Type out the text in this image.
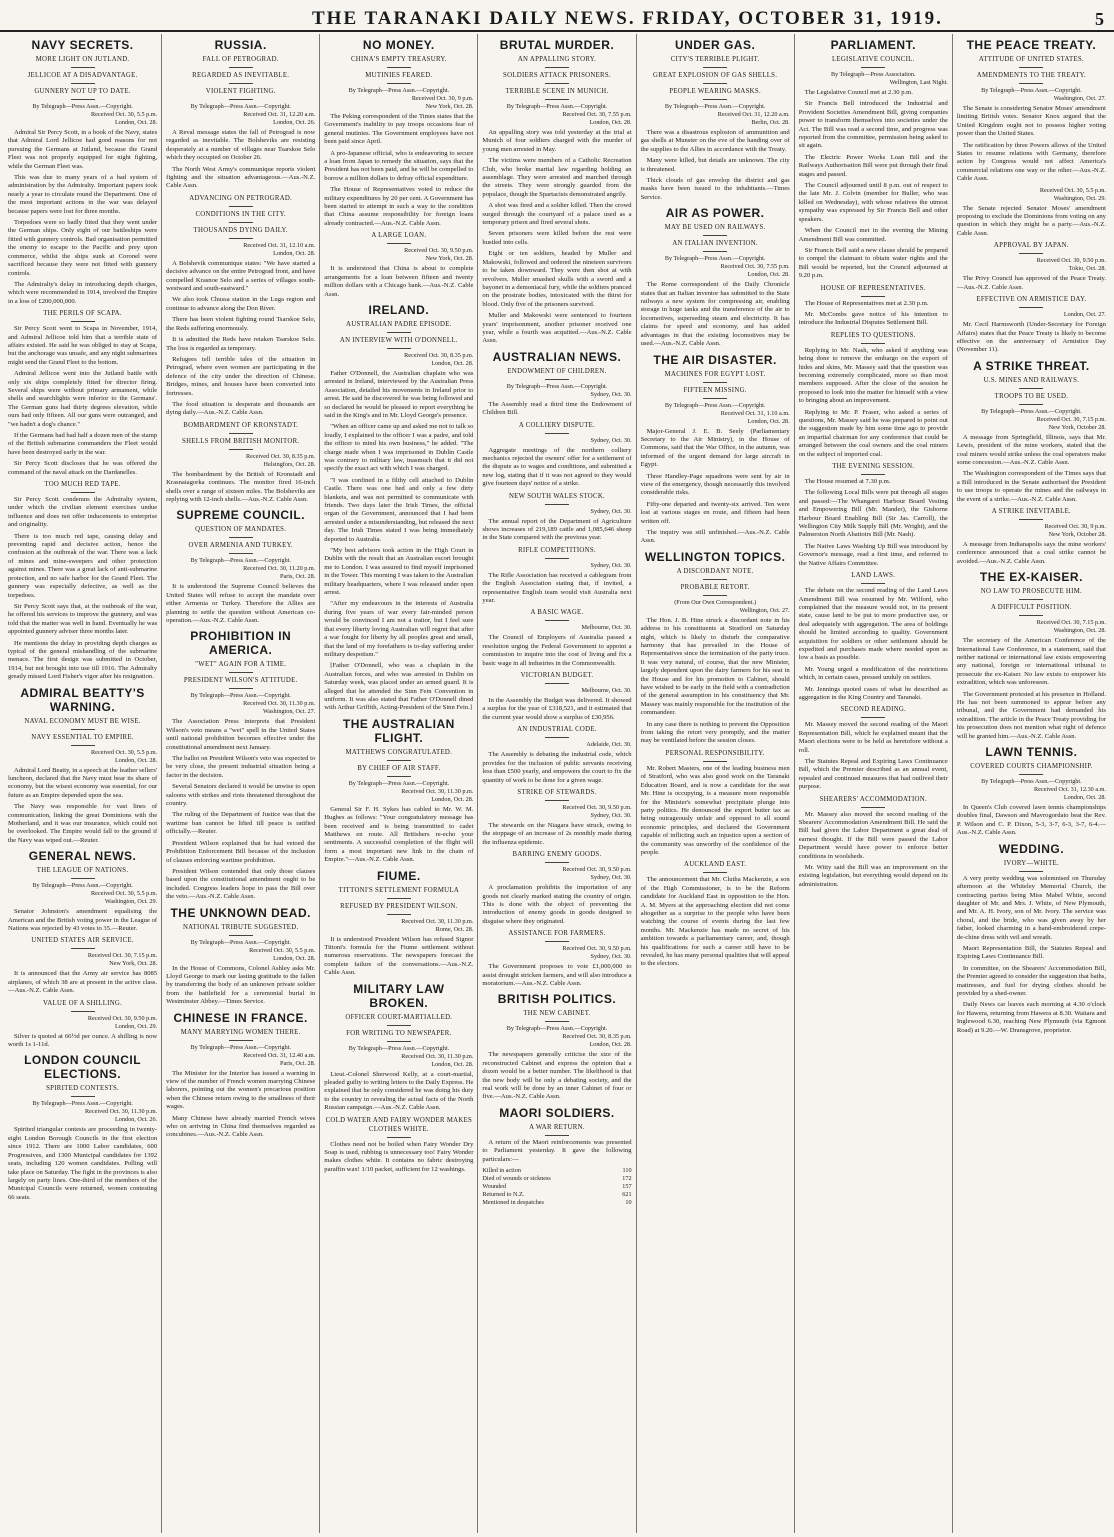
THE TARANAKI DAILY NEWS. FRIDAY, OCTOBER 31, 1919.	5
NAVY SECRETS.
MORE LIGHT ON JUTLAND.
JELLICOE AT A DISADVANTAGE.
GUNNERY NOT UP TO DATE.
By Telegraph—Press Assn.—Copyright.
Received Oct. 30, 5.5 p.m.
London, Oct. 28.

Admiral Sir Percy Scott, in a book of the Navy, states that Admiral Lord Jellicoe had good reasons for not pursuing the Germans at Jutland, because the Grand Fleet was not properly equipped for night fighting, while the German Fleet was.

This was due to many years of a bad system of administration by the Admiralty. Important papers took nearly a year to circulate round the Department. One of the most important actions in the war was delayed because papers were lost for three months.

Torpedoes were so badly fitted that they went under the German ships. Only eight of our battleships were fitted with gunnery controls. Bad organisation permitted the enemy to escape to the Pacific and prey upon commerce, whilst the ships sunk at Coronel were sacrificed because they were not fitted with gunnery controls.

The Admiralty's delay in introducing depth charges, which were recommended in 1914, involved the Empire in a loss of £200,000,000.

THE PERILS OF SCAPA.

Sir Percy Scott went to Scapa in November, 1914, and Admiral Jellicoe told him that a terrible state of affairs existed. He said he was obliged to stay at Scapa, but the anchorage was unsafe, and any night submarines might send the Grand Fleet to the bottom.

Admiral Jellicoe went into the Jutland battle with only six ships completely fitted for director firing. Several ships were without primary armament, while shells and searchlights were inferior to the Germans'. The German guns had thirty degrees elevation, while ours had only fifteen. All our guns were outranged, and "we hadn't a dog's chance."

If the Germans had had half a dozen men of the stamp of the British submarine commanders the Fleet would have been destroyed early in the war.

Sir Percy Scott discloses that he was offered the command of the naval attack on the Dardanelles.

TOO MUCH RED TAPE.

Sir Percy Scott condemns the Admiralty system, under which the civilian element exercises undue influence and does not offer inducements to enterprise and originality.

There is too much red tape, causing delay and preventing rapid and decisive action, hence the confusion at the outbreak of the war. There was a lack of mines and mine-sweepers and other protection against mines. There was a great lack of anti-submarine protection, and no safe harbor for the Grand Fleet. The gunnery was especially defective, as well as the torpedoes.

Sir Percy Scott says that, at the outbreak of the war, he offered his services to improve the gunnery, and was told that the matter was well in hand. Eventually he was appointed gunnery adviser three months later.

He mentions the delay in providing depth charges as typical of the general mishandling of the submarine menace. The first design was submitted in October, 1914, but not brought into use till 1916. The Admiralty greatly missed Lord Fisher's vigor after his resignation.

ADMIRAL BEATTY'S WARNING.
NAVAL ECONOMY MUST BE WISE.
NAVY ESSENTIAL TO EMPIRE.
Received Oct. 30, 5.5 p.m.
London, Oct. 28.

Admiral Lord Beatty, in a speech at the leather sellers' luncheon, declared that the Navy must bear its share of economy, but the wisest economy was essential, for our future as an Empire depended upon the sea.

The Navy was responsible for vast lines of communication, linking the great Dominions with the Motherland, and it was our insurance, which could not be overlooked. The Empire would fall to the ground if the Navy was wiped out.—Reuter.

GENERAL NEWS.
THE LEAGUE OF NATIONS.
By Telegraph—Press Assn.—Copyright.
Received Oct. 30, 5.5 p.m.
Washington, Oct. 29.

Senator Johnston's amendment equalising the American and the British voting power in the League of Nations was rejected by 43 votes to 35.—Reuter.

UNITED STATES AIR SERVICE.
Received Oct. 30, 7.15 p.m.
New York, Oct. 28.

It is announced that the Army air service has 8085 airplanes, of which 38 are at present in the active class.—Aus.-N.Z. Cable Assn.

VALUE OF A SHILLING.
Received Oct. 30, 9.50 p.m.
London, Oct. 29.

Silver is quoted at 66½d per ounce. A shilling is now worth 1s 1-11d.

LONDON COUNCIL ELECTIONS.
SPIRITED CONTESTS.
By Telegraph—Press Assn.—Copyright.
Received Oct. 30, 11.30 p.m.
London, Oct. 26.

Spirited triangular contests are proceeding in twenty-eight London Borough Councils in the first election since 1912. There are 1000 Labor candidates, 600 Progressives, and 1300 Municipal candidates for 1392 seats, including 120 women candidates. Polling will take place on Saturday. The fight in the provinces is also largely on party lines. One-third of the members of the Municipal Councils were returned, women contesting 66 seats.

RUSSIA.
FALL OF PETROGRAD.
REGARDED AS INEVITABLE.
VIOLENT FIGHTING.
By Telegraph—Press Assn.—Copyright.
Received Oct. 31, 12.20 a.m.
London, Oct. 26.

A Reval message states the fall of Petrograd is now regarded as inevitable. The Bolsheviks are resisting desperately at a number of villages near Tsarskoe Selo which they occupied on October 26.

The North West Army's communique reports violent fighting and the situation advantageous.—Aus.-N.Z. Cable Assn.

ADVANCING ON PETROGRAD.
CONDITIONS IN THE CITY.
THOUSANDS DYING DAILY.
Received Oct. 31, 12.10 a.m.
London, Oct. 28.

A Bolshevik communique states: "We have started a decisive advance on the entire Petrograd front, and have compelled Krasnoe Selo and a series of villages south-westward and south-eastward."

We also took Chussa station in the Luga region and continue to advance along the Don River.

There has been violent fighting round Tsarskoe Selo, the Reds suffering enormously.

It is admitted the Reds have retaken Tsarskoe Selo. The loss is regarded as temporary.

Refugees tell terrible tales of the situation in Petrograd, where even women are participating in the defence of the city under the direction of Chinese. Bridges, mines, and houses have been converted into fortresses.

The food situation is desperate and thousands are dying daily.—Aus.-N.Z. Cable Assn.

BOMBARDMENT OF KRONSTADT.
SHELLS FROM BRITISH MONITOR.
Received Oct. 30, 8.35 p.m.
Helsingfors, Oct. 28.

The bombardment by the British of Kronstadt and Krasnaiagorka continues. The monitor fired 16-inch shells over a range of sixteen miles. The Bolsheviks are replying with 12-inch shells.—Aus.-N.Z. Cable Assn.

SUPREME COUNCIL.
QUESTION OF MANDATES.
OVER ARMENIA AND TURKEY.
By Telegraph—Press Assn.—Copyright.
Received Oct. 30, 11.20 p.m.
Paris, Oct. 28.

It is understood the Supreme Council believes the United States will refuse to accept the mandate over either Armenia or Turkey. Therefore the Allies are planning to settle the question without American co-operation.—Aus.-N.Z. Cable Assn.

PROHIBITION IN AMERICA.
"WET" AGAIN FOR A TIME.
PRESIDENT WILSON'S ATTITUDE.
By Telegraph—Press Assn.—Copyright.
Received Oct. 30, 11.30 p.m.
Washington, Oct. 27.

The Association Press interprets that President Wilson's veto means a "wet" spell in the United States until national prohibition becomes effective under the constitutional amendment next January.

The ballot on President Wilson's veto was expected to be very close, the present industrial situation being a factor in the decision.

Several Senators declared it would be unwise to open saloons with strikes and riots threatened throughout the country.

The ruling of the Department of Justice was that the wartime ban cannot be lifted till peace is ratified officially.—Reuter.

President Wilson explained that he had vetoed the Prohibition Enforcement Bill because of the inclusion of clauses enforcing wartime prohibition.

President Wilson contended that only those clauses based upon the constitutional amendment ought to be included. Congress leaders hope to pass the Bill over the veto.—Aus.-N.Z. Cable Assn.

THE UNKNOWN DEAD.
NATIONAL TRIBUTE SUGGESTED.
By Telegraph—Press Assn.—Copyright.
Received Oct. 30, 5.5 p.m.
London, Oct. 28.

In the House of Commons, Colonel Ashley asks Mr. Lloyd George to mark our lasting gratitude to the fallen by transferring the body of an unknown private soldier from the battlefield for a ceremonial burial in Westminster Abbey.—Times Service.

CHINESE IN FRANCE.
MANY MARRYING WOMEN THERE.
By Telegraph—Press Assn.—Copyright.
Received Oct. 31, 12.40 a.m.
Paris, Oct. 28.

The Minister for the Interior has issued a warning in view of the number of French women marrying Chinese laborers, pointing out the women's precarious position when the Chinese return owing to the smallness of their wages.

Many Chinese have already married French wives who on arriving in China find themselves regarded as concubines.—Aus.-N.Z. Cable Assn.

NO MONEY.
CHINA'S EMPTY TREASURY.
MUTINIES FEARED.
By Telegraph—Press Assn.—Copyright.
Received Oct. 30, 9 p.m.
New York, Oct. 28.

The Peking correspondent of the Times states that the Government's inability to pay troops occasions fear of general mutinies. The Government employees have not been paid since April.

A pro-Japanese official, who is endeavoring to secure a loan from Japan to remedy the situation, says that the President has not been paid, and he will be compelled to borrow a million dollars to defray official expenditure.

The House of Representatives voted to reduce the military expenditures by 20 per cent. A Government has been started to attempt in such a way to the condition that China assume responsibility for foreign loans already contracted.—Aus.-N.Z. Cable Assn.

A LARGE LOAN.
Received Oct. 30, 9.50 p.m.
New York, Oct. 28.

It is understood that China is about to complete arrangements for a loan between fifteen and twenty million dollars with a Chicago bank.—Aus.-N.Z. Cable Assn.

IRELAND.
AUSTRALIAN PADRE EPISODE.
AN INTERVIEW WITH O'DONNELL.
Received Oct. 30, 8.35 p.m.
London, Oct. 28.

Father O'Donnell, the Australian chaplain who was arrested in Ireland, interviewed by the Australian Press Association, detailed his movements in Ireland prior to arrest. He said he discovered he was being followed and so declared he would be pleased to report everything he said in the King's and in Mr. Lloyd George's presence.

"When an officer came up and asked me not to talk so loudly, I explained to the officer I was a padre, and told the officer to mind his own business," he added. "The charge made when I was imprisoned in Dublin Castle was contrary to military law, inasmuch that it did not specify the exact act with which I was charged.

"I was confined in a filthy cell attached to Dublin Castle. There was one bed and only a few dirty blankets, and was not permitted to communicate with friends. Two days later the Irish Times, the official organ of the Government, announced that I had been arrested under a misunderstanding, but released the next day. The Irish Times stated I was being immediately deported to Australia.

"My best advisors took action in the High Court in Dublin with the result that an Australian escort brought me to London. I was assured to find myself imprisoned in the Tower. This morning I was taken to the Australian military headquarters, where I was released under open arrest.

"After my endeavours in the interests of Australia during five years of war every fair-minded person would be convinced I am not a traitor, but I feel sure that every liberty loving Australian will regret that after a war fought for liberty by all peoples great and small, that the land of my forefathers is to-day suffering under military despotism."

[Father O'Donnell, who was a chaplain in the Australian forces, and who was arrested in Dublin on Saturday week, was placed under an armed guard. It is alleged that he attended the Sinn Fein Convention in uniform. It was also stated that Father O'Donnell dined with Arthur Griffith, Acting-President of the Sinn Fein.]

THE AUSTRALIAN FLIGHT.
MATTHEWS CONGRATULATED.
BY CHIEF OF AIR STAFF.
By Telegraph—Press Assn.—Copyright.
Received Oct. 30, 11.30 p.m.
London, Oct. 28.

General Sir F. H. Sykes has cabled to Mr. W. M. Hughes as follows: "Your congratulatory message has been received and is being transmitted to cadet Matthews en route. All Britishers re-echo your sentiments. A successful completion of the flight will form a most important new link in the chain of Empire."—Aus.-N.Z. Cable Assn.

FIUME.
TITTONI'S SETTLEMENT FORMULA
REFUSED BY PRESIDENT WILSON.
Received Oct. 30, 11.30 p.m.
Rome, Oct. 28.

It is understood President Wilson has refused Signor Tittoni's formula for the Fiume settlement without numerous reservations. The newspapers forecast the complete failure of the conversations.—Aus.-N.Z. Cable Assn.

MILITARY LAW BROKEN.
OFFICER COURT-MARTIALLED.
FOR WRITING TO NEWSPAPER.
By Telegraph—Press Assn.—Copyright.
Received Oct. 30, 11.30 p.m.
London, Oct. 28.

Lieut.-Colonel Sherwood Kelly, at a court-martial, pleaded guilty to writing letters to the Daily Express. He explained that he only considered he was doing his duty to the country in revealing the actual facts of the North Russian campaign.—Aus.-N.Z. Cable Assn.

COLD WATER AND FAIRY WONDER MAKES CLOTHES WHITE.

Clothes need not be boiled when Fairy Wonder Dry Soap is used, rubbing is unnecessary too! Fairy Wonder makes clothes white. It contains no fabric destroying paraffin wax! 1/10 packet, sufficient for 12 washings.

BRUTAL MURDER.
AN APPALLING STORY.
SOLDIERS ATTACK PRISONERS.
TERRIBLE SCENE IN MUNICH.
By Telegraph—Press Assn.—Copyright.
Received Oct. 30, 7.55 p.m.
London, Oct. 28.

An appalling story was told yesterday at the trial at Munich of four soldiers charged with the murder of young men arrested in May.

The victims were members of a Catholic Recreation Club, who broke martial law regarding holding an assemblage. They were arrested and marched through the streets. They were strongly guarded from the populace, though the Spartacists demonstrated angrily.

A shot was fired and a soldier killed. Then the crowd surged through the courtyard of a palace used as a temporary prison and fired several shots.

Seven prisoners were killed before the rest were hustled into cells.

Eight or ten soldiers, headed by Muller and Makowski, followed and ordered the nineteen survivors to be taken downward. They were then shot at with revolvers. Muller smashed skulls with a sword and a bayonet in a demoniacal fury, while the soldiers pranced on the prostrate bodies, intoxicated with the thirst for blood. Only five of the prisoners survived.

Muller and Makowski were sentenced to fourteen years' imprisonment, another prisoner received one year, while a fourth was acquitted.—Aus.-N.Z. Cable Assn.

AUSTRALIAN NEWS.
ENDOWMENT OF CHILDREN.
By Telegraph—Press Assn.—Copyright.
Sydney, Oct. 30.

The Assembly read a third time the Endowment of Children Bill.

A COLLIERY DISPUTE.
Sydney, Oct. 30.

Aggregate meetings of the northern colliery mechanics rejected the owners' offer for a settlement of the dispute as to wages and conditions, and submitted a new log, stating that if it was not agreed to they would give fourteen days' notice of a strike.

NEW SOUTH WALES STOCK.
Sydney, Oct. 30.

The annual report of the Department of Agriculture shows increases of 219,189 cattle and 1,085,646 sheep in the State compared with the previous year.

RIFLE COMPETITIONS.
Sydney, Oct. 30.

The Rifle Association has received a cablegram from the English Association stating that, if invited, a representative English team would visit Australia next year.

A BASIC WAGE.
Melbourne, Oct. 30.

The Council of Employers of Australia passed a resolution urging the Federal Government to appoint a commission to inquire into the cost of living and fix a basic wage in all industries in the Commonwealth.

VICTORIAN BUDGET.
Melbourne, Oct. 30.

In the Assembly the Budget was delivered. It showed a surplus for the year of £318,521, and it estimated that the current year would show a surplus of £30,956.

AN INDUSTRIAL CODE.
Adelaide, Oct. 30.

The Assembly is debating the industrial code, which provides for the inclusion of public servants receiving less than £500 yearly, and empowers the court to fix the quantity of work to be done for a given wage.

STRIKE OF STEWARDS.
Received Oct. 30, 9.50 p.m.
Sydney, Oct. 30.

The stewards on the Niagara have struck, owing to the stoppage of an increase of 2s monthly made during the influenza epidemic.

BARRING ENEMY GOODS.
Received Oct. 30, 9.50 p.m.
Sydney, Oct. 30.

A proclamation prohibits the importation of any goods not clearly marked stating the country of origin. This is done with the object of preventing the introduction of enemy goods in goods designed to disguise where they originated.

ASSISTANCE FOR FARMERS.
Received Oct. 30, 9.50 p.m.
Sydney, Oct. 30.

The Government proposes to vote £1,000,000 to assist drought stricken farmers, and will also introduce a moratorium.—Aus.-N.Z. Cable Assn.

BRITISH POLITICS.
THE NEW CABINET.
By Telegraph—Press Assn.—Copyright.
Received Oct. 30, 8.35 p.m.
London, Oct. 28.

The newspapers generally criticise the size of the reconstructed Cabinet and express the opinion that a dozen would be a better number. The likelihood is that the new body will be only a debating society, and the real work will be done by an inner Cabinet of four or five.—Aus.-N.Z. Cable Assn.

MAORI SOLDIERS.
A WAR RETURN.

A return of the Maori reinforcements was presented to Parliament yesterday. It gave the following particulars:—

Killed in action	110
Died of wounds or sickness	172
Wounded	157
Returned to N.Z.	621
Mentioned in despatches	10
UNDER GAS.
CITY'S TERRIBLE PLIGHT.
GREAT EXPLOSION OF GAS SHELLS.
PEOPLE WEARING MASKS.
By Telegraph—Press Assn.—Copyright.
Received Oct. 31, 12.20 a.m.
Berlin, Oct. 28.

There was a disastrous explosion of ammunition and gas shells at Munster on the eve of the handing over of the supplies to the Allies in accordance with the Treaty.

Many were killed, but details are unknown. The city is threatened.

Thick clouds of gas envelop the district and gas masks have been issued to the inhabitants.—Times Service.

AIR AS POWER.
MAY BE USED ON RAILWAYS.
AN ITALIAN INVENTION.
By Telegraph—Press Assn.—Copyright.
Received Oct. 30, 7.55 p.m.
London, Oct. 28.

The Rome correspondent of the Daily Chronicle states that an Italian inventor has submitted to the State railways a new system for compressing air, enabling storage in huge tanks and the transference of the air to locomotives, superseding steam and electricity. It has claims for speed and economy, and has added advantages in that the existing locomotives may be used.—Aus.-N.Z. Cable Assn.

THE AIR DISASTER.
MACHINES FOR EGYPT LOST.
FIFTEEN MISSING.
By Telegraph—Press Assn.—Copyright.
Received Oct. 31, 1.10 a.m.
London, Oct. 28.

Major-General J. E. B. Seely (Parliamentary Secretary to the Air Ministry), in the House of Commons, said that the War Office, in the autumn, was informed of the urgent demand for large aircraft in Egypt.

Three Handley-Page squadrons were sent by air in view of the emergency, though necessarily this involved considerable risks.

Fifty-one departed and twenty-six arrived. Ten were lost at various stages en route, and fifteen had been written off.

The inquiry was still unfinished.—Aus.-N.Z. Cable Assn.

WELLINGTON TOPICS.
A DISCORDANT NOTE.
PROBABLE RETORT.
(From Our Own Correspondent.)
Wellington, Oct. 27.

The Hon. J. B. Hine struck a discordant note in his address to his constituents at Stratford on Saturday night, which is likely to disturb the comparative harmony that has prevailed in the House of Representatives since the termination of the party truce. It was very natural, of course, that the new Minister, largely dependent upon the dairy farmers for his seat in the House and for his promotion to Cabinet, should have wished to be early in the field with a contradiction of the general assumption in his constituency that Mr. Massey was mainly responsible for the institution of the commandeer.

In any case there is nothing to prevent the Opposition from taking the retort very promptly, and the matter may be ventilated before the session closes.

PERSONAL RESPONSIBILITY.

Mr. Robert Masters, one of the leading business men of Stratford, who was also good work on the Taranaki Education Board, and is now a candidate for the seat Mr. Hine is occupying, is a measure more responsible for the Minister's somewhat precipitate plunge into party politics. He denounced the export butter tax as being outrageously unfair and opposed to all sound economic principles, and declared the Government capable of inflicting such an injustice upon a section of the community was unworthy of the confidence of the people.

AUCKLAND EAST.

The announcement that Mr. Clutha Mackenzie, a son of the High Commissioner, is to be the Reform candidate for Auckland East in opposition to the Hon. A. M. Myers at the approaching election did not come altogether as a surprise to the people who have been watching the course of events during the last few months. Mr. Mackenzie has made no secret of his ambition towards a parliamentary career, and, though his qualifications for such a career still have to be revealed, he has many personal qualities that will appeal to the electors.

PARLIAMENT.
LEGISLATIVE COUNCIL.
By Telegraph—Press Association.
Wellington, Last Night.

The Legislative Council met at 2.30 p.m.

Sir Francis Bell introduced the Industrial and Provident Societies Amendment Bill, giving companies power to transform themselves into societies under the Act. The Bill was read a second time, and progress was reported from the committee, permission being asked to sit again.

The Electric Power Works Loan Bill and the Railways Authorisation Bill were put through their final stages and passed.

The Council adjourned until 8 p.m. out of respect to the late Mr. J. Colvin (member for Buller, who was killed on Wednesday), with whose relatives the utmost sympathy was expressed by Sir Francis Bell and other speakers.

When the Council met in the evening the Mining Amendment Bill was committed.

Sir Francis Bell said a new clause should be prepared to compel the claimant to obtain water rights and the Bill would be reported, but the Council adjourned at 9.20 p.m.

HOUSE OF REPRESENTATIVES.

The House of Representatives met at 2.30 p.m.

Mr. McCombs gave notice of his intention to introduce the Industrial Disputes Settlement Bill.

REPLIES TO QUESTIONS.

Replying to Mr. Nash, who asked if anything was being done to remove the embargo on the export of hides and skins, Mr. Massey said that the question was becoming extremely complicated, more so than most members supposed. After the close of the session he proposed to look into the matter for himself with a view to bringing about an improvement.

Replying to Mr. P. Fraser, who asked a series of questions, Mr. Massey said he was prepared to point out the suggestion made by him some time ago to provide an impartial chairman for any conference that could be arranged between the coal owners and the coal miners on the subject of imported coal.

THE EVENING SESSION.

The House resumed at 7.30 p.m.

The following Local Bills were put through all stages and passed:—The Whangarei Harbour Board Vesting and Empowering Bill (Mr. Mander), the Gisborne Harbour Board Enabling Bill (Sir Jas. Carroll), the Wellington City Milk Supply Bill (Mr. Wright), and the Palmerston North Abattoirs Bill (Mr. Nash).

The Native Laws Washing Up Bill was introduced by Governor's message, read a first time, and referred to the Native Affairs Committee.

LAND LAWS.

The debate on the second reading of the Land Laws Amendment Bill was resumed by Mr. Wilford, who complained that the measure would not, in its present state, cause land to be put to more productive use, or deal adequately with aggregation. The area of holdings should be limited according to quality. Government acquisition for soldiers or other settlement should be expedited and purchases made where needed upon as low a basis as possible.

Mr. Young urged a modification of the restrictions which, in certain cases, pressed unduly on settlers.

Mr. Jennings quoted cases of what he described as aggregation in the King Country and Taranaki.

SECOND READING.

Mr. Massey moved the second reading of the Maori Representation Bill, which he explained meant that the Maori elections were to be held as heretofore without a roll.

The Statutes Repeal and Expiring Laws Continuance Bill, which the Premier described as an annual event, repealed and continued measures that had outlived their purpose.

SHEARERS' ACCOMMODATION.

Mr. Massey also moved the second reading of the Shearers' Accommodation Amendment Bill. He said the Bill had given the Labor Department a great deal of earnest thought. If the Bill were passed the Labor Department would have power to enforce better conditions in woolsheds.

Mr. Witty said the Bill was an improvement on the existing legislation, but everything would depend on its administration.

THE PEACE TREATY.
ATTITUDE OF UNITED STATES.
AMENDMENTS TO THE TREATY.
By Telegraph—Press Assn.—Copyright.
Washington, Oct. 27.

The Senate is considering Senator Moses' amendment limiting British votes. Senator Knox argued that the United Kingdom ought not to possess higher voting power than the United States.

The ratification by three Powers allows of the United States to resume relations with Germany, therefore action by Congress would not affect America's commercial relations one way or the other.—Aus.-N.Z. Cable Assn.

Received Oct. 30, 5.5 p.m.
Washington, Oct. 29.

The Senate rejected Senator Moses' amendment proposing to exclude the Dominions from voting on any question in which they might be a party.—Aus.-N.Z. Cable Assn.

APPROVAL BY JAPAN.
Received Oct. 30, 9.50 p.m.
Tokio, Oct. 28.

The Privy Council has approved of the Peace Treaty.—Aus.-N.Z. Cable Assn.

EFFECTIVE ON ARMISTICE DAY.
London, Oct. 27.

Mr. Cecil Harmsworth (Under-Secretary for Foreign Affairs) states that the Peace Treaty is likely to become effective on the anniversary of Armistice Day (November 11).

A STRIKE THREAT.
U.S. MINES AND RAILWAYS.
TROOPS TO BE USED.
By Telegraph—Press Assn.—Copyright.
Received Oct. 30, 7.15 p.m.
New York, October 28.

A message from Springfield, Illinois, says that Mr. Lewis, president of the mine workers, stated that the coal miners would strike unless the coal operators make some concession.—Aus.-N.Z. Cable Assn.

The Washington correspondent of the Times says that a Bill introduced in the Senate authorised the President to use troops to operate the mines and the railways in the event of a strike.—Aus.-N.Z. Cable Assn.

A STRIKE INEVITABLE.
Received Oct. 30, 9 p.m.
New York, October 28.

A message from Indianapolis says the mine workers' conference announced that a coal strike cannot be avoided.—Aus.-N.Z. Cable Assn.

THE EX-KAISER.
NO LAW TO PROSECUTE HIM.
A DIFFICULT POSITION.
Received Oct. 30, 7.15 p.m.
Washington, Oct. 28.

The secretary of the American Conference of the International Law Conference, in a statement, said that neither national or international law exists empowering any national, foreign or international tribunal to prosecute the ex-Kaiser. No law exists to empower his extradition, which was unforeseen.

The Government protested at his presence in Holland. He has not been summoned to appear before any tribunal, and the Government had demanded his extradition. The article in the Peace Treaty providing for his prosecution does not mention what right of defence will be granted him.—Aus.-N.Z. Cable Assn.

LAWN TENNIS.
COVERED COURTS CHAMPIONSHIP.
By Telegraph—Press Assn.—Copyright.
Received Oct. 31, 12.30 a.m.
London, Oct. 28.

In Queen's Club covered lawn tennis championships doubles final, Dawson and Mavrogordato beat the Rev. P. Wilson and C. P. Dixon, 5-3, 3-7, 6-3, 3-7, 6-4.—Aus.-N.Z. Cable Assn.

WEDDING.
IVORY—WHITE.

A very pretty wedding was solemnised on Thursday afternoon at the Whiteley Memorial Church, the contracting parties being Miss Mabel White, second daughter of Mr. and Mrs. J. White, of New Plymouth, and Mr. A. H. Ivory, son of Mr. Ivory. The service was choral, and the bride, who was given away by her father, looked charming in a hand-embroidered crepe-de-chine dress with veil and wreath.

Maori Representation Bill, the Statutes Repeal and Expiring Laws Continuance Bill.

In committee, on the Shearers' Accommodation Bill, the Premier agreed to consider the suggestion that baths, mattresses, and fuel for drying clothes should be provided by a shed-owner.

Daily News car leaves each morning at 4.30 o'clock for Hawera, returning from Hawera at 8.30. Waitara and Inglewood 6.30, reaching New Plymouth (via Egmont Road) at 9.20.—W. Dransgrove, proprietor.
